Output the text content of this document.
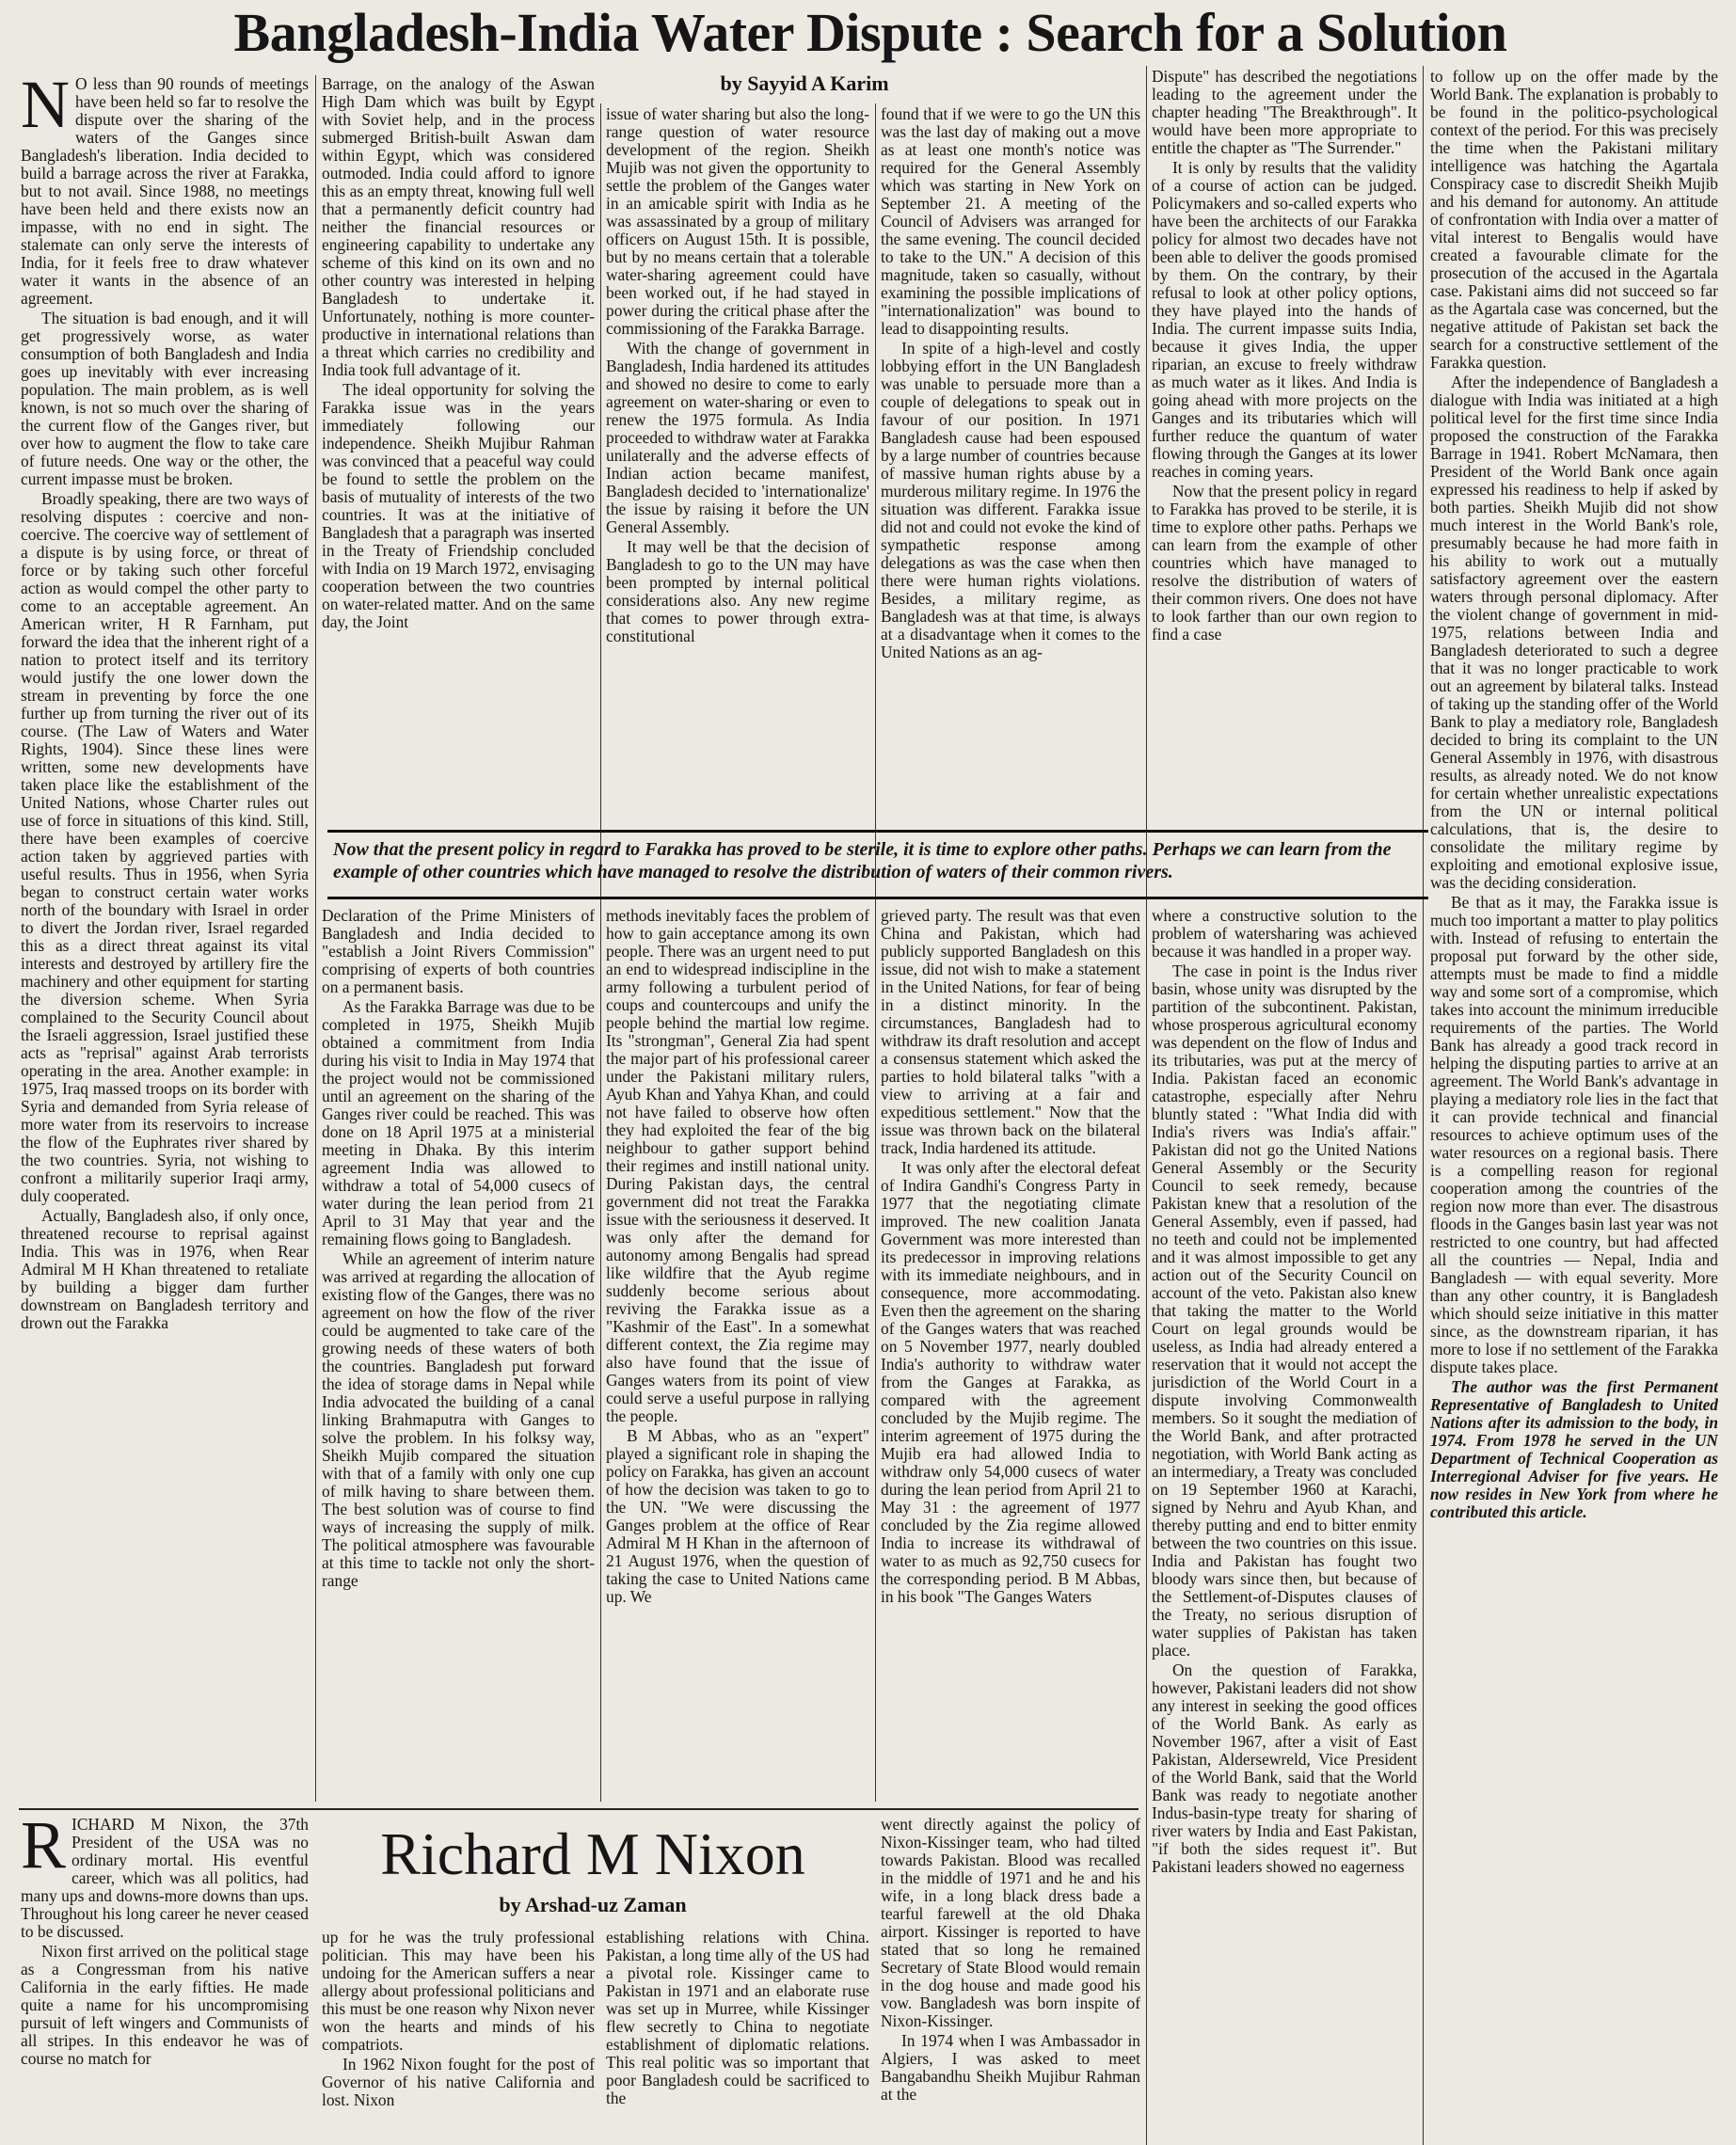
Bangladesh-India Water Dispute : Search for a Solution
by Sayyid A Karim

N O less than 90 rounds of meetings have been held so far to resolve the dispute over the sharing of the waters of the Ganges since Bangladesh's liberation. India decided to build a barrage across the river at Farakka, but to not avail. Since 1988, no meetings have been held and there exists now an impasse, with no end in sight. The stalemate can only serve the interests of India, for it feels free to draw whatever water it wants in the absence of an agreement.

The situation is bad enough, and it will get progressively worse, as water consumption of both Bangladesh and India goes up inevitably with ever increasing population. The main problem, as is well known, is not so much over the sharing of the current flow of the Ganges river, but over how to augment the flow to take care of future needs. One way or the other, the current impasse must be broken.

Broadly speaking, there are two ways of resolving disputes : coercive and non-coercive. The coercive way of settlement of a dispute is by using force, or threat of force or by taking such other forceful action as would compel the other party to come to an acceptable agreement. An American writer, H R Farnham, put forward the idea that the inherent right of a nation to protect itself and its territory would justify the one lower down the stream in preventing by force the one further up from turning the river out of its course. (The Law of Waters and Water Rights, 1904). Since these lines were written, some new developments have taken place like the establishment of the United Nations, whose Charter rules out use of force in situations of this kind. Still, there have been examples of coercive action taken by aggrieved parties with useful results. Thus in 1956, when Syria began to construct certain water works north of the boundary with Israel in order to divert the Jordan river, Israel regarded this as a direct threat against its vital interests and destroyed by artillery fire the machinery and other equipment for starting the diversion scheme. When Syria complained to the Security Council about the Israeli aggression, Israel justified these acts as "reprisal" against Arab terrorists operating in the area. Another example: in 1975, Iraq massed troops on its border with Syria and demanded from Syria release of more water from its reservoirs to increase the flow of the Euphrates river shared by the two countries. Syria, not wishing to confront a militarily superior Iraqi army, duly cooperated.

Actually, Bangladesh also, if only once, threatened recourse to reprisal against India. This was in 1976, when Rear Admiral M H Khan threatened to retaliate by building a bigger dam further downstream on Bangladesh territory and drown out the Farakka

Barrage, on the analogy of the Aswan High Dam which was built by Egypt with Soviet help, and in the process submerged British-built Aswan dam within Egypt, which was considered outmoded. India could afford to ignore this as an empty threat, knowing full well that a permanently deficit country had neither the financial resources or engineering capability to undertake any scheme of this kind on its own and no other country was interested in helping Bangladesh to undertake it. Unfortunately, nothing is more counter-productive in international relations than a threat which carries no credibility and India took full advantage of it.

The ideal opportunity for solving the Farakka issue was in the years immediately following our independence. Sheikh Mujibur Rahman was convinced that a peaceful way could be found to settle the problem on the basis of mutuality of interests of the two countries. It was at the initiative of Bangladesh that a paragraph was inserted in the Treaty of Friendship concluded with India on 19 March 1972, envisaging cooperation between the two countries on water-related matter. And on the same day, the Joint

issue of water sharing but also the long-range question of water resource development of the region. Sheikh Mujib was not given the opportunity to settle the problem of the Ganges water in an amicable spirit with India as he was assassinated by a group of military officers on August 15th. It is possible, but by no means certain that a tolerable water-sharing agreement could have been worked out, if he had stayed in power during the critical phase after the commissioning of the Farakka Barrage.

With the change of government in Bangladesh, India hardened its attitudes and showed no desire to come to early agreement on water-sharing or even to renew the 1975 formula. As India proceeded to withdraw water at Farakka unilaterally and the adverse effects of Indian action became manifest, Bangladesh decided to 'internationalize' the issue by raising it before the UN General Assembly.

It may well be that the decision of Bangladesh to go to the UN may have been prompted by internal political considerations also. Any new regime that comes to power through extra-constitutional

found that if we were to go the UN this was the last day of making out a move as at least one month's notice was required for the General Assembly which was starting in New York on September 21. A meeting of the Council of Advisers was arranged for the same evening. The council decided to take to the UN." A decision of this magnitude, taken so casually, without examining the possible implications of "internationalization" was bound to lead to disappointing results.

In spite of a high-level and costly lobbying effort in the UN Bangladesh was unable to persuade more than a couple of delegations to speak out in favour of our position. In 1971 Bangladesh cause had been espoused by a large number of countries because of massive human rights abuse by a murderous military regime. In 1976 the situation was different. Farakka issue did not and could not evoke the kind of sympathetic response among delegations as was the case when then there were human rights violations. Besides, a military regime, as Bangladesh was at that time, is always at a disadvantage when it comes to the United Nations as an ag-

Dispute" has described the negotiations leading to the agreement under the chapter heading "The Breakthrough". It would have been more appropriate to entitle the chapter as "The Surrender."

It is only by results that the validity of a course of action can be judged. Policymakers and so-called experts who have been the architects of our Farakka policy for almost two decades have not been able to deliver the goods promised by them. On the contrary, by their refusal to look at other policy options, they have played into the hands of India. The current impasse suits India, because it gives India, the upper riparian, an excuse to freely withdraw as much water as it likes. And India is going ahead with more projects on the Ganges and its tributaries which will further reduce the quantum of water flowing through the Ganges at its lower reaches in coming years.

Now that the present policy in regard to Farakka has proved to be sterile, it is time to explore other paths. Perhaps we can learn from the example of other countries which have managed to resolve the distribution of waters of their common rivers. One does not have to look farther than our own region to find a case

Now that the present policy in regard to Farakka has proved to be sterile, it is time to explore other paths. Perhaps we can learn from the example of other countries which have managed to resolve the distribution of waters of their common rivers.

Declaration of the Prime Ministers of Bangladesh and India decided to "establish a Joint Rivers Commission" comprising of experts of both countries on a permanent basis.

As the Farakka Barrage was due to be completed in 1975, Sheikh Mujib obtained a commitment from India during his visit to India in May 1974 that the project would not be commissioned until an agreement on the sharing of the Ganges river could be reached. This was done on 18 April 1975 at a ministerial meeting in Dhaka. By this interim agreement India was allowed to withdraw a total of 54,000 cusecs of water during the lean period from 21 April to 31 May that year and the remaining flows going to Bangladesh.

While an agreement of interim nature was arrived at regarding the allocation of existing flow of the Ganges, there was no agreement on how the flow of the river could be augmented to take care of the growing needs of these waters of both the countries. Bangladesh put forward the idea of storage dams in Nepal while India advocated the building of a canal linking Brahmaputra with Ganges to solve the problem. In his folksy way, Sheikh Mujib compared the situation with that of a family with only one cup of milk having to share between them. The best solution was of course to find ways of increasing the supply of milk. The political atmosphere was favourable at this time to tackle not only the short-range

methods inevitably faces the problem of how to gain acceptance among its own people. There was an urgent need to put an end to widespread indiscipline in the army following a turbulent period of coups and countercoups and unify the people behind the martial low regime. Its "strongman", General Zia had spent the major part of his professional career under the Pakistani military rulers, Ayub Khan and Yahya Khan, and could not have failed to observe how often they had exploited the fear of the big neighbour to gather support behind their regimes and instill national unity. During Pakistan days, the central government did not treat the Farakka issue with the seriousness it deserved. It was only after the demand for autonomy among Bengalis had spread like wildfire that the Ayub regime suddenly become serious about reviving the Farakka issue as a "Kashmir of the East". In a somewhat different context, the Zia regime may also have found that the issue of Ganges waters from its point of view could serve a useful purpose in rallying the people.

B M Abbas, who as an "expert" played a significant role in shaping the policy on Farakka, has given an account of how the decision was taken to go to the UN. "We were discussing the Ganges problem at the office of Rear Admiral M H Khan in the afternoon of 21 August 1976, when the question of taking the case to United Nations came up. We

grieved party. The result was that even China and Pakistan, which had publicly supported Bangladesh on this issue, did not wish to make a statement in the United Nations, for fear of being in a distinct minority. In the circumstances, Bangladesh had to withdraw its draft resolution and accept a consensus statement which asked the parties to hold bilateral talks "with a view to arriving at a fair and expeditious settlement." Now that the issue was thrown back on the bilateral track, India hardened its attitude.

It was only after the electoral defeat of Indira Gandhi's Congress Party in 1977 that the negotiating climate improved. The new coalition Janata Government was more interested than its predecessor in improving relations with its immediate neighbours, and in consequence, more accommodating. Even then the agreement on the sharing of the Ganges waters that was reached on 5 November 1977, nearly doubled India's authority to withdraw water from the Ganges at Farakka, as compared with the agreement concluded by the Mujib regime. The interim agreement of 1975 during the Mujib era had allowed India to withdraw only 54,000 cusecs of water during the lean period from April 21 to May 31 : the agreement of 1977 concluded by the Zia regime allowed India to increase its withdrawal of water to as much as 92,750 cusecs for the corresponding period. B M Abbas, in his book "The Ganges Waters

where a constructive solution to the problem of watersharing was achieved because it was handled in a proper way.

The case in point is the Indus river basin, whose unity was disrupted by the partition of the subcontinent. Pakistan, whose prosperous agricultural economy was dependent on the flow of Indus and its tributaries, was put at the mercy of India. Pakistan faced an economic catastrophe, especially after Nehru bluntly stated : "What India did with India's rivers was India's affair." Pakistan did not go the United Nations General Assembly or the Security Council to seek remedy, because Pakistan knew that a resolution of the General Assembly, even if passed, had no teeth and could not be implemented and it was almost impossible to get any action out of the Security Council on account of the veto. Pakistan also knew that taking the matter to the World Court on legal grounds would be useless, as India had already entered a reservation that it would not accept the jurisdiction of the World Court in a dispute involving Commonwealth members. So it sought the mediation of the World Bank, and after protracted negotiation, with World Bank acting as an intermediary, a Treaty was concluded on 19 September 1960 at Karachi, signed by Nehru and Ayub Khan, and thereby putting and end to bitter enmity between the two countries on this issue. India and Pakistan has fought two bloody wars since then, but because of the Settlement-of-Disputes clauses of the Treaty, no serious disruption of water supplies of Pakistan has taken place.

On the question of Farakka, however, Pakistani leaders did not show any interest in seeking the good offices of the World Bank. As early as November 1967, after a visit of East Pakistan, Aldersewreld, Vice President of the World Bank, said that the World Bank was ready to negotiate another Indus-basin-type treaty for sharing of river waters by India and East Pakistan, "if both the sides request it". But Pakistani leaders showed no eagerness

to follow up on the offer made by the World Bank. The explanation is probably to be found in the politico-psychological context of the period. For this was precisely the time when the Pakistani military intelligence was hatching the Agartala Conspiracy case to discredit Sheikh Mujib and his demand for autonomy. An attitude of confrontation with India over a matter of vital interest to Bengalis would have created a favourable climate for the prosecution of the accused in the Agartala case. Pakistani aims did not succeed so far as the Agartala case was concerned, but the negative attitude of Pakistan set back the search for a constructive settlement of the Farakka question.

After the independence of Bangladesh a dialogue with India was initiated at a high political level for the first time since India proposed the construction of the Farakka Barrage in 1941. Robert McNamara, then President of the World Bank once again expressed his readiness to help if asked by both parties. Sheikh Mujib did not show much interest in the World Bank's role, presumably because he had more faith in his ability to work out a mutually satisfactory agreement over the eastern waters through personal diplomacy. After the violent change of government in mid-1975, relations between India and Bangladesh deteriorated to such a degree that it was no longer practicable to work out an agreement by bilateral talks. Instead of taking up the standing offer of the World Bank to play a mediatory role, Bangladesh decided to bring its complaint to the UN General Assembly in 1976, with disastrous results, as already noted. We do not know for certain whether unrealistic expectations from the UN or internal political calculations, that is, the desire to consolidate the military regime by exploiting and emotional explosive issue, was the deciding consideration.

Be that as it may, the Farakka issue is much too important a matter to play politics with. Instead of refusing to entertain the proposal put forward by the other side, attempts must be made to find a middle way and some sort of a compromise, which takes into account the minimum irreducible requirements of the parties. The World Bank has already a good track record in helping the disputing parties to arrive at an agreement. The World Bank's advantage in playing a mediatory role lies in the fact that it can provide technical and financial resources to achieve optimum uses of the water resources on a regional basis. There is a compelling reason for regional cooperation among the countries of the region now more than ever. The disastrous floods in the Ganges basin last year was not restricted to one country, but had affected all the countries — Nepal, India and Bangladesh — with equal severity. More than any other country, it is Bangladesh which should seize initiative in this matter since, as the downstream riparian, it has more to lose if no settlement of the Farakka dispute takes place.

The author was the first Permanent Representative of Bangladesh to United Nations after its admission to the body, in 1974. From 1978 he served in the UN Department of Technical Cooperation as Interregional Adviser for five years. He now resides in New York from where he contributed this article.

Richard M Nixon
by Arshad-uz Zaman

RICHARD M Nixon, the 37th President of the USA was no ordinary mortal. His eventful career, which was all politics, had many ups and downs-more downs than ups. Throughout his long career he never ceased to be discussed.

Nixon first arrived on the political stage as a Congressman from his native California in the early fifties. He made quite a name for his uncompromising pursuit of left wingers and Communists of all stripes. In this endeavor he was of course no match for

up for he was the truly professional politician. This may have been his undoing for the American suffers a near allergy about professional politicians and this must be one reason why Nixon never won the hearts and minds of his compatriots.

In 1962 Nixon fought for the post of Governor of his native California and lost. Nixon

establishing relations with China. Pakistan, a long time ally of the US had a pivotal role. Kissinger came to Pakistan in 1971 and an elaborate ruse was set up in Murree, while Kissinger flew secretly to China to negotiate establishment of diplomatic relations. This real politic was so important that poor Bangladesh could be sacrificed to the

went directly against the policy of Nixon-Kissinger team, who had tilted towards Pakistan. Blood was recalled in the middle of 1971 and he and his wife, in a long black dress bade a tearful farewell at the old Dhaka airport. Kissinger is reported to have stated that so long he remained Secretary of State Blood would remain in the dog house and made good his vow. Bangladesh was born inspite of Nixon-Kissinger.

In 1974 when I was Ambassador in Algiers, I was asked to meet Bangabandhu Sheikh Mujibur Rahman at the
